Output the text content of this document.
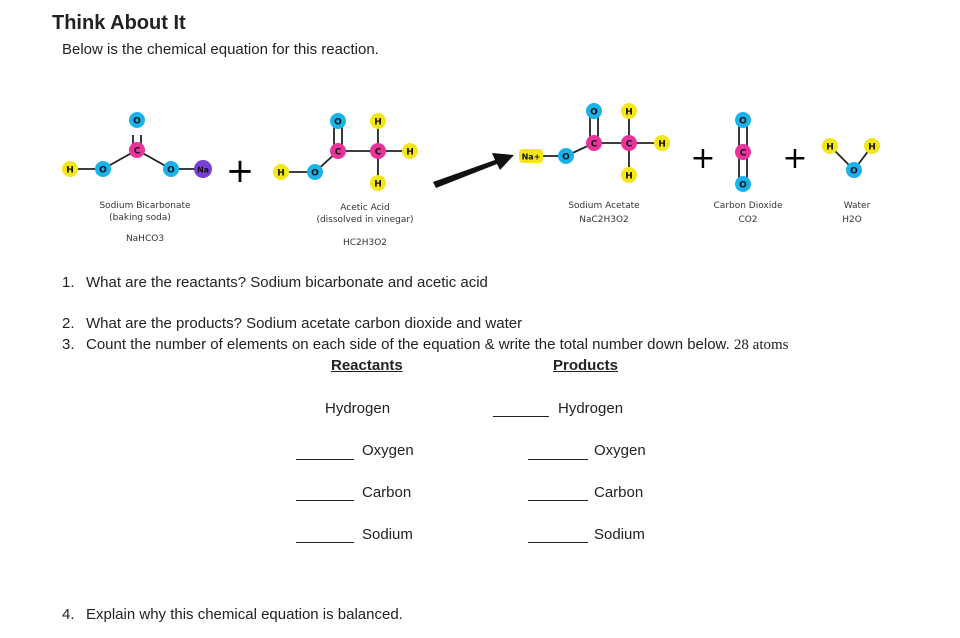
Think About It
Below is the chemical equation for this reaction.
H	O
C
O
O	Na	H	O
C
O
C
H
H
H
Na+ O
C
O
C
H
H
H
O
C
O
H
O
H
+	+ +
Sodium Bicarbonate
(baking soda)
NaHCO3
Acetic Acid
(dissolved in vinegar)
HC2H3O2
Sodium Acetate
NaC2H3O2
Carbon Dioxide
CO2
Water
H2O
1. What are the reactants? Sodium bicarbonate and acetic acid
2. What are the products? Sodium acetate carbon dioxide and water
3. Count the number of elements on each side of the equation & write the total number down below. 28 atoms
Reactants	Products
Hydrogen	Hydrogen
Oxygen	Oxygen
Carbon	Carbon
Sodium	Sodium
4. Explain why this chemical equation is balanced.
